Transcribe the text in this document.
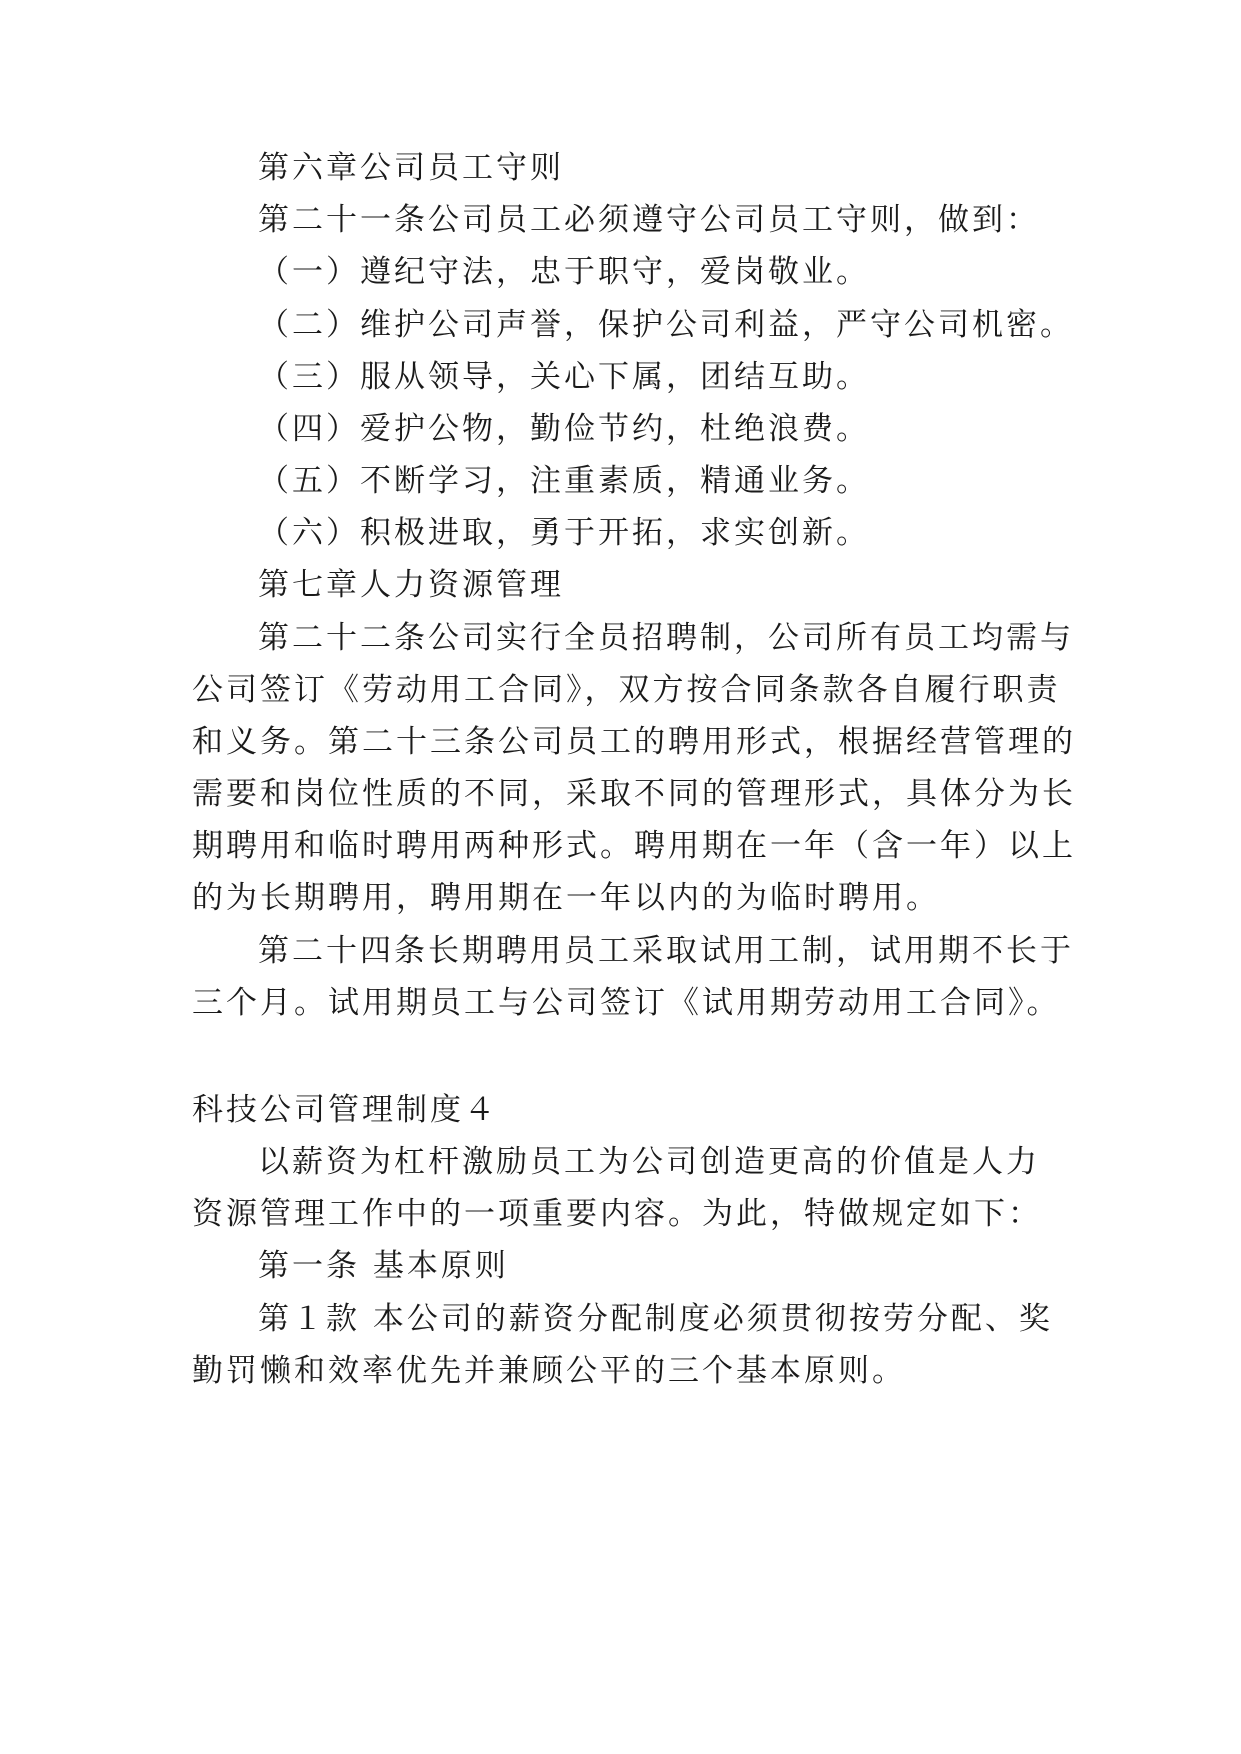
第六章公司员工守则
第二十一条公司员工必须遵守公司员工守则，做到：
（一）遵纪守法，忠于职守，爱岗敬业。
（二）维护公司声誉，保护公司利益，严守公司机密。
（三）服从领导，关心下属，团结互助。
（四）爱护公物，勤俭节约，杜绝浪费。
（五）不断学习，注重素质，精通业务。
（六）积极进取，勇于开拓，求实创新。
第七章人力资源管理
第二十二条公司实行全员招聘制，公司所有员工均需与
公司签订《劳动用工合同》，双方按合同条款各自履行职责
和义务。第二十三条公司员工的聘用形式，根据经营管理的
需要和岗位性质的不同，采取不同的管理形式，具体分为长
期聘用和临时聘用两种形式。聘用期在一年（含一年）以上
的为长期聘用，聘用期在一年以内的为临时聘用。
第二十四条长期聘用员工采取试用工制，试用期不长于
三个月。试用期员工与公司签订《试用期劳动用工合同》。
科技公司管理制度４
以薪资为杠杆激励员工为公司创造更高的价值是人力
资源管理工作中的一项重要内容。为此，特做规定如下：
第一条 基本原则
第１款 本公司的薪资分配制度必须贯彻按劳分配、奖
勤罚懒和效率优先并兼顾公平的三个基本原则。
